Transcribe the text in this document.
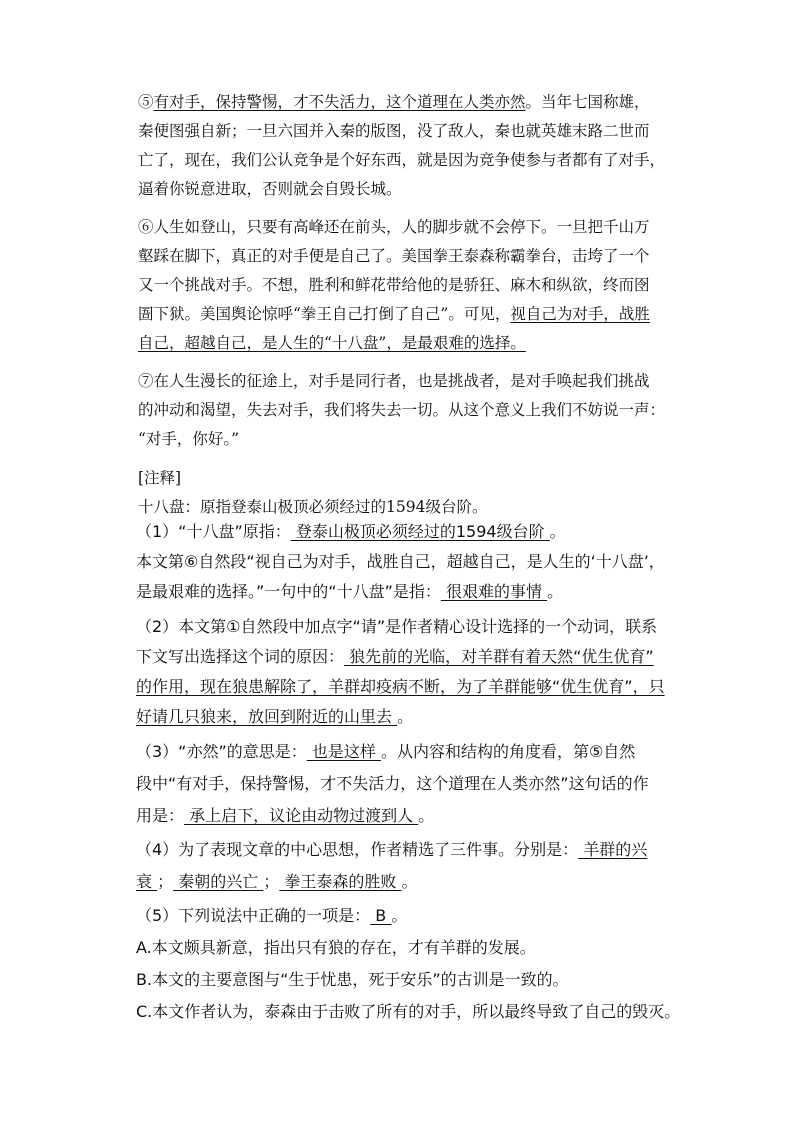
⑤有对手，保持警惕，才不失活力，这个道理在人类亦然。当年七国称雄，
秦便图强自新；一旦六国并入秦的版图，没了敌人，秦也就英雄末路二世而
亡了，现在，我们公认竞争是个好东西，就是因为竞争使参与者都有了对手，
逼着你锐意进取，否则就会自毁长城。
⑥人生如登山，只要有高峰还在前头，人的脚步就不会停下。一旦把千山万
壑踩在脚下，真正的对手便是自己了。美国拳王泰森称霸拳台，击垮了一个
又一个挑战对手。不想，胜利和鲜花带给他的是骄狂、麻木和纵欲，终而囹
圄下狱。美国舆论惊呼“拳王自己打倒了自己”。可见，视自己为对手，战胜
自己，超越自己，是人生的“十八盘”，是最艰难的选择。
⑦在人生漫长的征途上，对手是同行者，也是挑战者，是对手唤起我们挑战
的冲动和渴望，失去对手，我们将失去一切。从这个意义上我们不妨说一声：
“对手，你好。”
[注释]
十八盘：原指登泰山极顶必须经过的1594级台阶。
（1）“十八盘”原指： 登泰山极顶必须经过的1594级台阶 。
本文第⑥自然段“视自己为对手，战胜自己，超越自己，是人生的‘十八盘’，
是最艰难的选择。”一句中的“十八盘”是指： 很艰难的事情 。
（2）本文第①自然段中加点字“请”是作者精心设计选择的一个动词，联系
下文写出选择这个词的原因： 狼先前的光临，对羊群有着天然“优生优育”
的作用，现在狼患解除了，羊群却疫病不断，为了羊群能够“优生优育”，只
好请几只狼来，放回到附近的山里去 。
（3）“亦然”的意思是： 也是这样 。从内容和结构的角度看，第⑤自然
段中“有对手，保持警惕，才不失活力，这个道理在人类亦然”这句话的作
用是： 承上启下，议论由动物过渡到人 。
（4）为了表现文章的中心思想，作者精选了三件事。分别是： 羊群的兴
衰 ； 秦朝的兴亡 ； 拳王泰森的胜败 。
（5）下列说法中正确的一项是： B 。
A.本文颇具新意，指出只有狼的存在，才有羊群的发展。
B.本文的主要意图与“生于忧患，死于安乐”的古训是一致的。
C.本文作者认为，泰森由于击败了所有的对手，所以最终导致了自己的毁灭。
